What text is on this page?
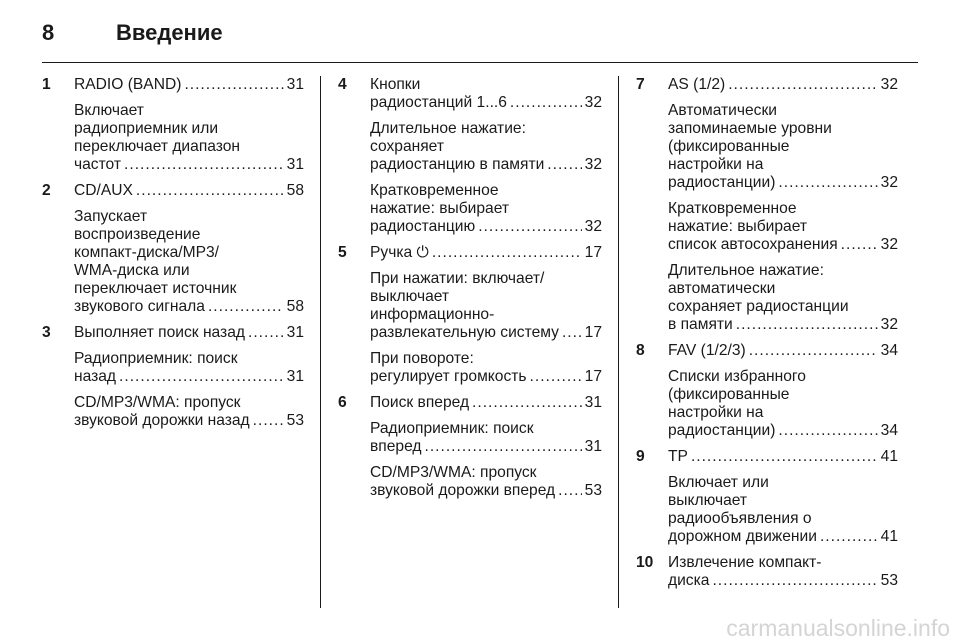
8	Введение
1 RADIO (BAND) .....	31
Включает
радиоприемник или
переключает диапазон
частот .....	31
2 CD/AUX .....	58
Запускает
воспроизведение
компакт-диска/MP3/
WMA-диска или
переключает источник
звукового сигнала .....	58
3 Выполняет поиск назад .....	31
Радиоприемник: поиск
назад .....	31
CD/MP3/WMA: пропуск
звуковой дорожки назад ..... 53
4 Кнопки
радиостанций 1...6 .....	32
Длительное нажатие:
сохраняет
радиостанцию в памяти .....	32
Кратковременное
нажатие: выбирает
радиостанцию .....	32
5 Ручка ⏻ .....	17
При нажатии: включает/
выключает
информационно-
развлекательную систему ..... 17
При повороте:
регулирует громкость .....	17
6 Поиск вперед .....	31
Радиоприемник: поиск
вперед .....	31
CD/MP3/WMA: пропуск
звуковой дорожки вперед ..... 53
7 AS (1/2) .....	32
Автоматически
запоминаемые уровни
(фиксированные
настройки на
радиостанции) .....	32
Кратковременное
нажатие: выбирает
список автосохранения .....	32
Длительное нажатие:
автоматически
сохраняет радиостанции
в памяти .....	32
8 FAV (1/2/3) .....	34
Списки избранного
(фиксированные
настройки на
радиостанции) .....	34
9 TP .....	41
Включает или
выключает
радиообъявления о
дорожном движении .....	41
10 Извлечение компакт-
диска .....	53
carmanualsonline.info
